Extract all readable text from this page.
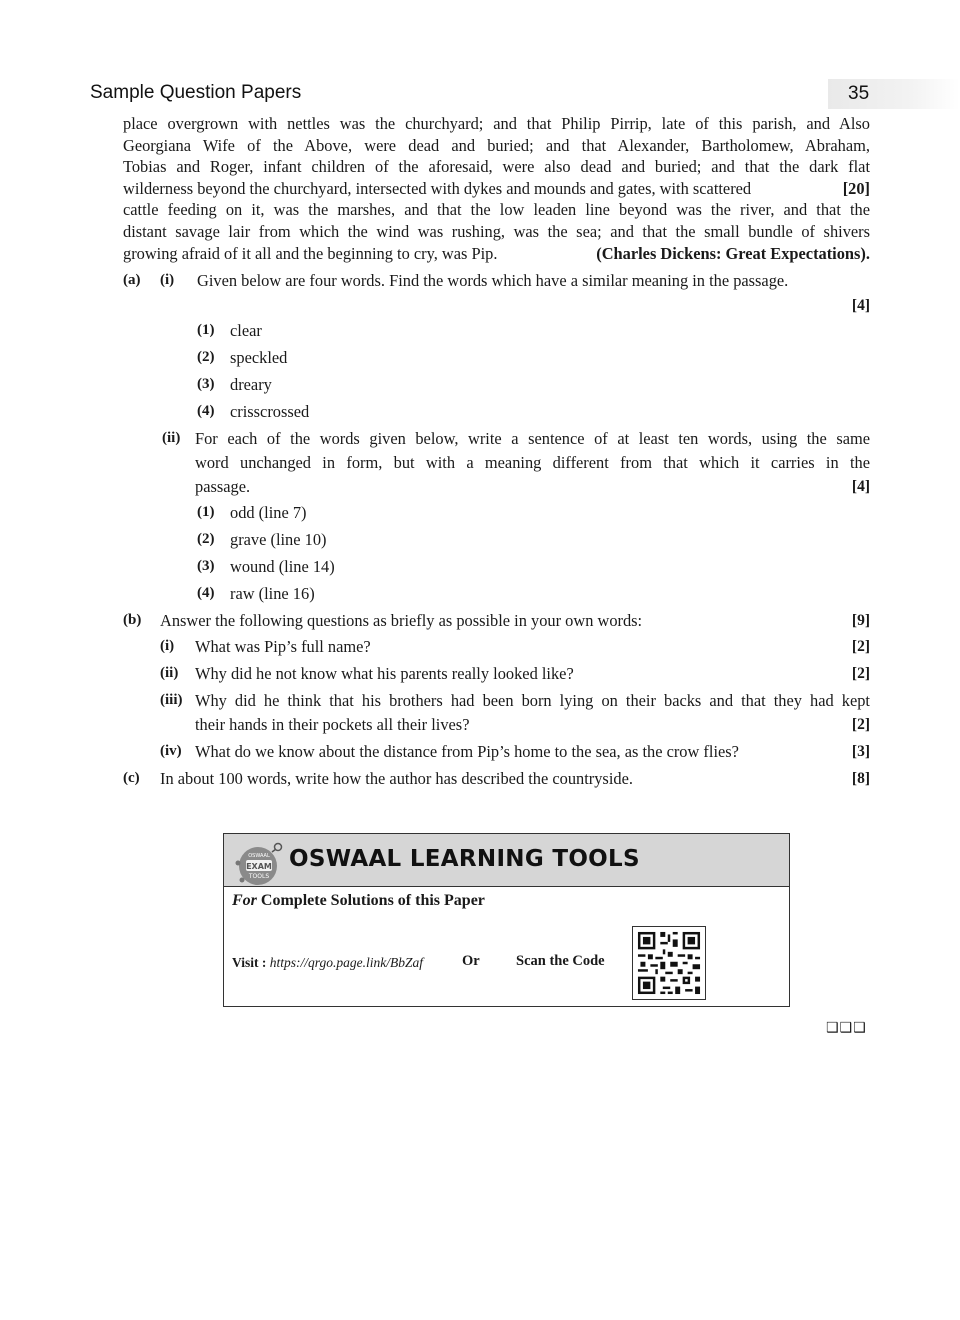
Sample Question Papers	35
place overgrown with nettles was the churchyard; and that Philip Pirrip, late of this parish, and Also
Georgiana Wife of the Above, were dead and buried; and that Alexander, Bartholomew, Abraham,
Tobias and Roger, infant children of the aforesaid, were also dead and buried; and that the dark flat
wilderness beyond the churchyard, intersected with dykes and mounds and gates, with scattered	[20]
cattle feeding on it, was the marshes, and that the low leaden line beyond was the river, and that the
distant savage lair from which the wind was rushing, was the sea; and that the small bundle of shivers
growing afraid of it all and the beginning to cry, was Pip.	(Charles Dickens: Great Expectations).
(a) (i) Given below are four words. Find the words which have a similar meaning in the passage.
[4]
(1) clear
(2) speckled
(3) dreary
(4) crisscrossed
(ii) For each of the words given below, write a sentence of at least ten words, using the same
word unchanged in form, but with a meaning different from that which it carries in the
passage.	[4]
(1) odd (line 7)
(2) grave (line 10)
(3) wound (line 14)
(4) raw (line 16)
(b) Answer the following questions as briefly as possible in your own words:	[9]
(i) What was Pip’s full name?	[2]
(ii) Why did he not know what his parents really looked like?	[2]
(iii) Why did he think that his brothers had been born lying on their backs and that they had kept
their hands in their pockets all their lives?	[2]
(iv) What do we know about the distance from Pip’s home to the sea, as the crow flies?	[3]
(c) In about 100 words, write how the author has described the countryside.	[8]
OSWAAL
EXAM
TOOLS
OSWAAL LEARNING TOOLS
For Complete Solutions of this Paper
Visit : https://qrgo.page.link/BbZaf	Or	Scan the Code
❑❑❑
